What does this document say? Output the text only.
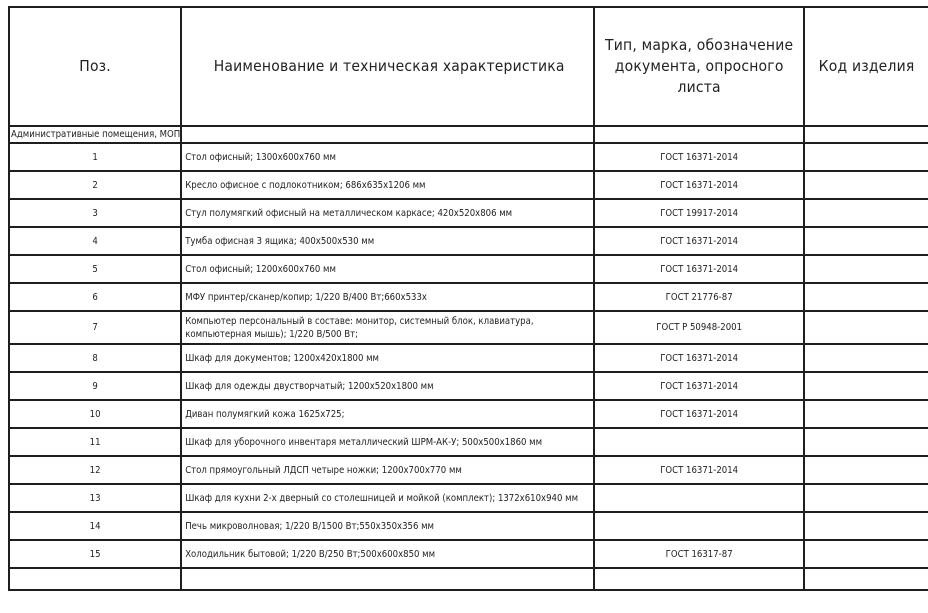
Поз.	Наименование и техническая характеристика	Тип, марка, обозначение документа, опросного листа	Код изделия
Административные помещения, МОП			
1	Стол офисный; 1300x600x760 мм	ГОСТ 16371-2014	
2	Кресло офисное с подлокотником; 686x635x1206 мм	ГОСТ 16371-2014	
3	Стул полумягкий офисный на металлическом каркасе; 420x520x806 мм	ГОСТ 19917-2014	
4	Тумба офисная 3 ящика; 400x500x530 мм	ГОСТ 16371-2014	
5	Стол офисный; 1200x600x760 мм	ГОСТ 16371-2014	
6	МФУ принтер/сканер/копир; 1/220 В/400 Вт;660x533x	ГОСТ 21776-87	
7	Компьютер персональный в составе: монитор, системный блок, клавиатура, компьютерная мышь); 1/220 В/500 Вт;	ГОСТ Р 50948-2001	
8	Шкаф для документов; 1200x420x1800 мм	ГОСТ 16371-2014	
9	Шкаф для одежды двустворчатый; 1200x520x1800 мм	ГОСТ 16371-2014	
10	Диван полумягкий кожа 1625x725;	ГОСТ 16371-2014	
11	Шкаф для уборочного инвентаря металлический ШРМ-АК-У; 500x500x1860 мм		

12	Стол прямоугольный ЛДСП четыре ножки; 1200x700x770 мм	ГОСТ 16371-2014	
13	Шкаф для кухни 2-х дверный со столешницей и мойкой (комплект); 1372x610x940 мм		

14	Печь микроволновая; 1/220 В/1500 Вт;550x350x356 мм		

15	Холодильник бытовой; 1/220 В/250 Вт;500x600x850 мм	ГОСТ 16317-87	
